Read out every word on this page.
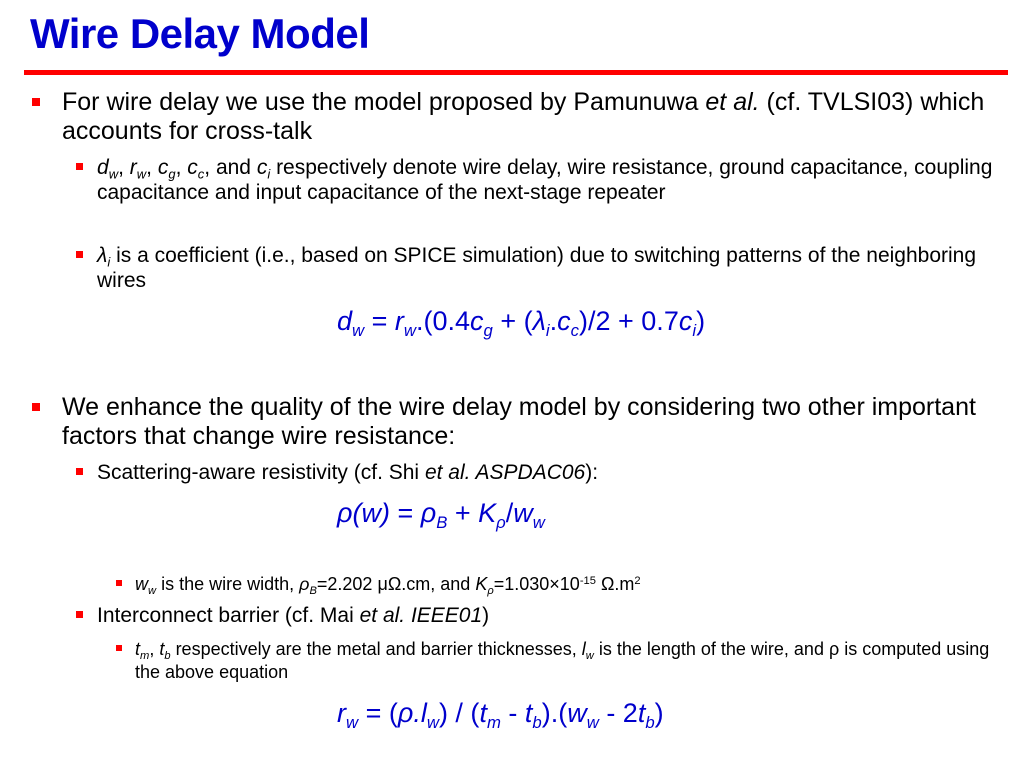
Wire Delay Model
For wire delay we use the model proposed by Pamunuwa et al. (cf. TVLSI03) which accounts for cross-talk
$d_w$, $r_w$, $c_g$, $c_c$, and $c_i$ respectively denote wire delay, wire resistance, ground capacitance, coupling capacitance and input capacitance of the next-stage repeater
$\lambda_i$ is a coefficient (i.e., based on SPICE simulation) due to switching patterns of the neighboring wires
$d_w = r_w.(0.4c_g + (\lambda_i.c_c)/2 + 0.7c_i)$
We enhance the quality of the wire delay model by considering two other important factors that change wire resistance:
Scattering-aware resistivity (cf. Shi et al. ASPDAC06):
$\rho(w) = \rho_B + K_\rho/w_w$
$w_w$ is the wire width, $\rho_B=2.202$ μΩ.cm, and $K_\rho=1.030\times 10^{-15}$ $\Omega.m^2$
Interconnect barrier (cf. Mai et al. IEEE01)
$t_m$, $t_b$ respectively are the metal and barrier thicknesses, $l_w$ is the length of the wire, and ρ is computed using the above equation
$r_w = (\rho.l_w) / (t_m - t_b).(w_w - 2t_b)$
